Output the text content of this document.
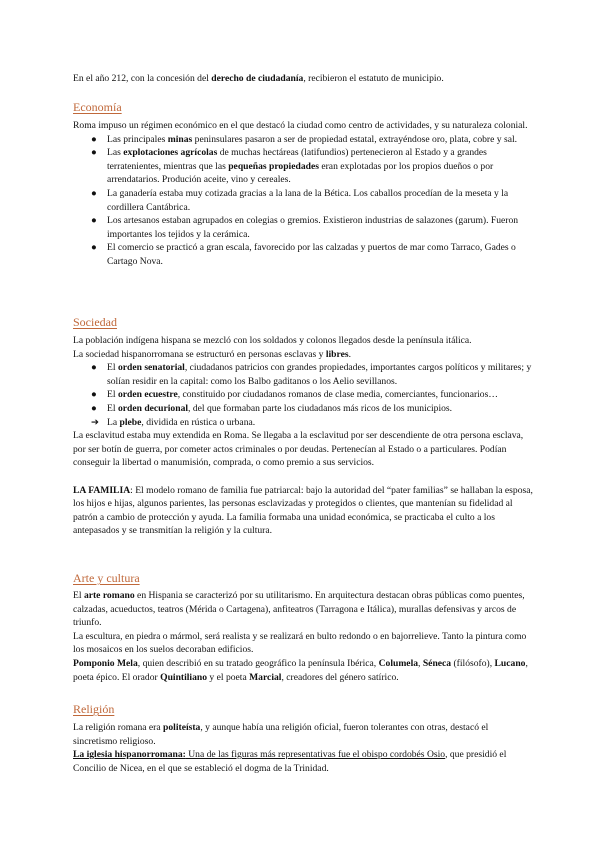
En el año 212, con la concesión del derecho de ciudadanía, recibieron el estatuto de municipio.

Economía

Roma impuso un régimen económico en el que destacó la ciudad como centro de actividades, y su naturaleza colonial.

●	Las principales minas peninsulares pasaron a ser de propiedad estatal, extrayéndose oro, plata, cobre y sal.
●	Las explotaciones agrícolas de muchas hectáreas (latifundios) pertenecieron al Estado y a grandes terratenientes, mientras que las pequeñas propiedades eran explotadas por los propios dueños o por arrendatarios. Produción aceite, vino y cereales.
●	La ganadería estaba muy cotizada gracias a la lana de la Bética. Los caballos procedían de la meseta y la cordillera Cantábrica.
●	Los artesanos estaban agrupados en colegias o gremios. Existieron industrias de salazones (garum). Fueron importantes los tejidos y la cerámica.
●	El comercio se practicó a gran escala, favorecido por las calzadas y puertos de mar como Tarraco, Gades o Cartago Nova.
Sociedad

La población indígena hispana se mezcló con los soldados y colonos llegados desde la península itálica.

La sociedad hispanorromana se estructuró en personas esclavas y libres.

●	El orden senatorial, ciudadanos patricios con grandes propiedades, importantes cargos políticos y militares; y solían residir en la capital: como los Balbo gaditanos o los Aelio sevillanos.
●	El orden ecuestre, constituido por ciudadanos romanos de clase media, comerciantes, funcionarios…
●	El orden decurional, del que formaban parte los ciudadanos más ricos de los municipios.
➔ La plebe, dividida en rústica o urbana.

La esclavitud estaba muy extendida en Roma. Se llegaba a la esclavitud por ser descendiente de otra persona esclava, por ser botín de guerra, por cometer actos criminales o por deudas. Pertenecían al Estado o a particulares. Podían conseguir la libertad o manumisión, comprada, o como premio a sus servicios.

LA FAMILIA: El modelo romano de familia fue patriarcal: bajo la autoridad del “pater familias” se hallaban la esposa, los hijos e hijas, algunos parientes, las personas esclavizadas y protegidos o clientes, que mantenían su fidelidad al patrón a cambio de protección y ayuda. La familia formaba una unidad económica, se practicaba el culto a los antepasados y se transmitían la religión y la cultura.

Arte y cultura

El arte romano en Hispania se caracterizó por su utilitarismo. En arquitectura destacan obras públicas como puentes, calzadas, acueductos, teatros (Mérida o Cartagena), anfiteatros (Tarragona e Itálica), murallas defensivas y arcos de triunfo.

La escultura, en piedra o mármol, será realista y se realizará en bulto redondo o en bajorrelieve. Tanto la pintura como los mosaicos en los suelos decoraban edificios.

Pomponio Mela, quien describió en su tratado geográfico la península Ibérica, Columela, Séneca (filósofo), Lucano, poeta épico. El orador Quintiliano y el poeta Marcial, creadores del género satírico.

Religión

La religión romana era politeísta, y aunque había una religión oficial, fueron tolerantes con otras, destacó el sincretismo religioso.

La iglesia hispanorromana: Una de las figuras más representativas fue el obispo cordobés Osio, que presidió el Concilio de Nicea, en el que se estableció el dogma de la Trinidad.
